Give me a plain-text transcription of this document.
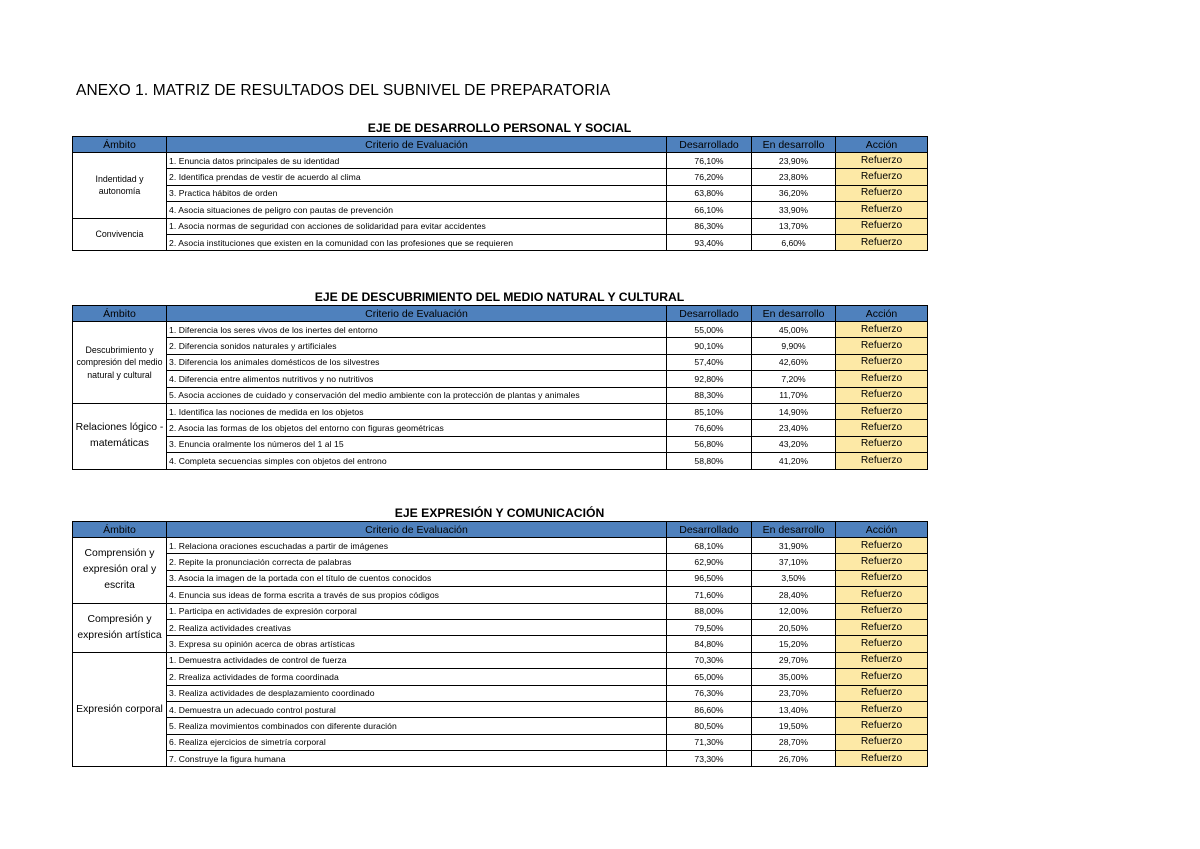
ANEXO 1. MATRIZ DE RESULTADOS DEL SUBNIVEL DE PREPARATORIA
EJE DE DESARROLLO PERSONAL Y SOCIAL
Ámbito	Criterio de Evaluación	Desarrollado	En desarrollo	Acción
Indentidad y autonomía	1. Enuncia datos principales de su identidad	76,10%	23,90%	Refuerzo
	2. Identifica prendas de vestir de acuerdo al clima	76,20%	23,80%	Refuerzo
	3. Practica hábitos de orden	63,80%	36,20%	Refuerzo
	4. Asocia situaciones de peligro con pautas de prevención	66,10%	33,90%	Refuerzo
Convivencia	1. Asocia normas de seguridad con acciones de solidaridad para evitar accidentes	86,30%	13,70%	Refuerzo
	2. Asocia instituciones que existen en la comunidad con las profesiones que se requieren	93,40%	6,60%	Refuerzo
EJE DE DESCUBRIMIENTO DEL MEDIO NATURAL Y CULTURAL
Ámbito	Criterio de Evaluación	Desarrollado	En desarrollo	Acción
Descubrimiento y compresión del medio natural y cultural	1. Diferencia los seres vivos de los inertes del entorno	55,00%	45,00%	Refuerzo
	2. Diferencia sonidos naturales y artificiales	90,10%	9,90%	Refuerzo
	3. Diferencia los animales domésticos de los silvestres	57,40%	42,60%	Refuerzo
	4. Diferencia entre alimentos nutritivos y no nutritivos	92,80%	7,20%	Refuerzo
	5. Asocia acciones de cuidado y conservación del medio ambiente con la protección de plantas y animales	88,30%	11,70%	Refuerzo
Relaciones lógico - matemáticas	1. Identifica las nociones de medida en los objetos	85,10%	14,90%	Refuerzo
	2. Asocia las formas de los objetos del entorno con figuras geométricas	76,60%	23,40%	Refuerzo
	3. Enuncia oralmente los números del 1 al 15	56,80%	43,20%	Refuerzo
	4. Completa secuencias simples con objetos del entrono	58,80%	41,20%	Refuerzo
EJE EXPRESIÓN Y COMUNICACIÓN
Ámbito	Criterio de Evaluación	Desarrollado	En desarrollo	Acción
Comprensión y expresión oral y escrita	1. Relaciona oraciones escuchadas a partir de imágenes	68,10%	31,90%	Refuerzo
	2. Repite la pronunciación correcta de palabras	62,90%	37,10%	Refuerzo
	3. Asocia la imagen de la portada con el título de cuentos conocidos	96,50%	3,50%	Refuerzo
	4. Enuncia sus ideas de forma escrita a través de sus propios códigos	71,60%	28,40%	Refuerzo
Compresión y expresión artística	1. Participa en actividades de expresión corporal	88,00%	12,00%	Refuerzo
	2. Realiza actividades creativas	79,50%	20,50%	Refuerzo
	3. Expresa su opinión acerca de obras artísticas	84,80%	15,20%	Refuerzo
Expresión corporal	1. Demuestra actividades de control de fuerza	70,30%	29,70%	Refuerzo
	2. Rrealiza actividades de forma coordinada	65,00%	35,00%	Refuerzo
	3. Realiza actividades de desplazamiento coordinado	76,30%	23,70%	Refuerzo
	4. Demuestra un adecuado control postural	86,60%	13,40%	Refuerzo
	5. Realiza movimientos combinados con diferente duración	80,50%	19,50%	Refuerzo
	6. Realiza ejercicios de simetría corporal	71,30%	28,70%	Refuerzo
	7. Construye la figura humana	73,30%	26,70%	Refuerzo
